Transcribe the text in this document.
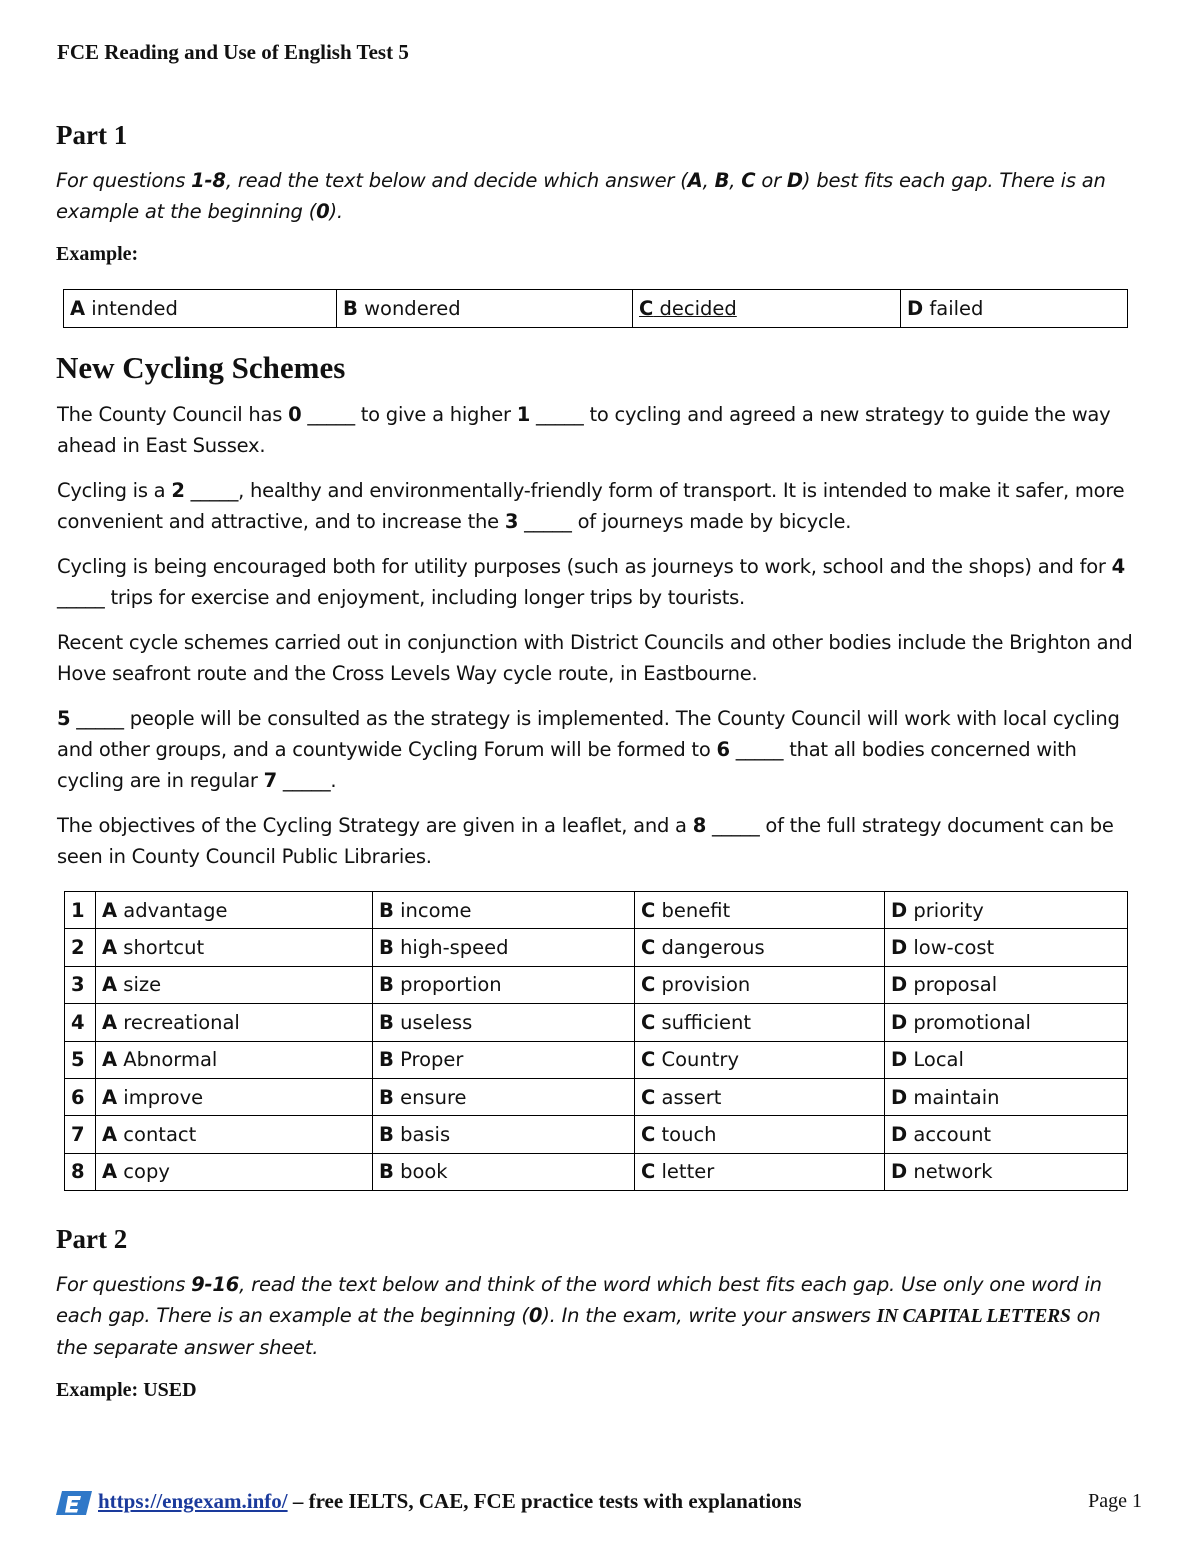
FCE Reading and Use of English Test 5
Part 1
For questions 1-8, read the text below and decide which answer (A, B, C or D) best fits each gap. There is an example at the beginning (0).
Example:
A intended	B wondered	C decided	D failed
New Cycling Schemes
The County Council has 0 _____ to give a higher 1 _____ to cycling and agreed a new strategy to guide the way ahead in East Sussex.
Cycling is a 2 _____, healthy and environmentally-friendly form of transport. It is intended to make it safer, more convenient and attractive, and to increase the 3 _____ of journeys made by bicycle.
Cycling is being encouraged both for utility purposes (such as journeys to work, school and the shops) and for 4 _____ trips for exercise and enjoyment, including longer trips by tourists.
Recent cycle schemes carried out in conjunction with District Councils and other bodies include the Brighton and Hove seafront route and the Cross Levels Way cycle route, in Eastbourne.
5 _____ people will be consulted as the strategy is implemented. The County Council will work with local cycling and other groups, and a countywide Cycling Forum will be formed to 6 _____ that all bodies concerned with cycling are in regular 7 _____.
The objectives of the Cycling Strategy are given in a leaflet, and a 8 _____ of the full strategy document can be seen in County Council Public Libraries.
1	A advantage	B income	C benefit	D priority
2	A shortcut	B high-speed	C dangerous	D low-cost
3	A size	B proportion	C provision	D proposal
4	A recreational	B useless	C sufficient	D promotional
5	A Abnormal	B Proper	C Country	D Local
6	A improve	B ensure	C assert	D maintain
7	A contact	B basis	C touch	D account
8	A copy	B book	C letter	D network
Part 2
For questions 9-16, read the text below and think of the word which best fits each gap. Use only one word in each gap. There is an example at the beginning (0). In the exam, write your answers IN CAPITAL LETTERS on the separate answer sheet.
Example: USED
https://engexam.info/ – free IELTS, CAE, FCE practice tests with explanations	Page 1
